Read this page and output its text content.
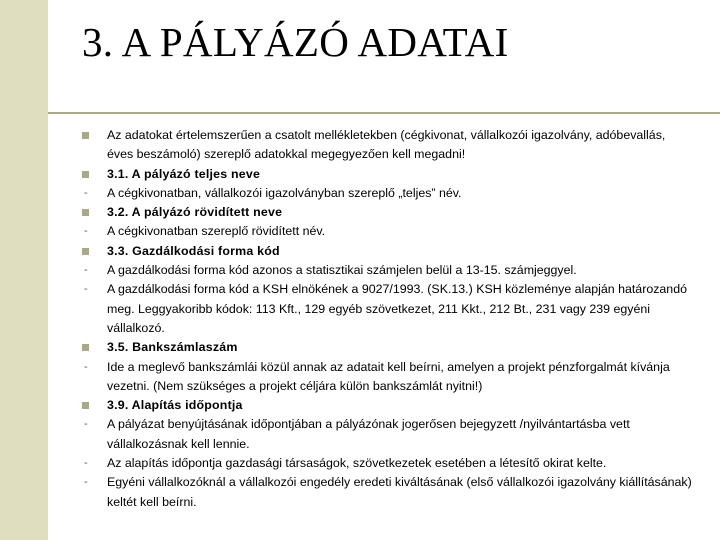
3. A PÁLYÁZÓ ADATAI
Az adatokat értelemszerűen a csatolt mellékletekben (cégkivonat, vállalkozói igazolvány, adóbevallás, éves beszámoló) szereplő adatokkal megegyezően kell megadni!
3.1. A pályázó teljes neve
-	A cégkivonatban, vállalkozói igazolványban szereplő „teljes” név.
3.2. A pályázó rövidített neve
-	A cégkivonatban szereplő rövidített név.
3.3. Gazdálkodási forma kód
-	A gazdálkodási forma kód azonos a statisztikai számjelen belül a 13-15. számjeggyel.
-	A gazdálkodási forma kód a KSH elnökének a 9027/1993. (SK.13.) KSH közleménye alapján határozandó meg. Leggyakoribb kódok: 113 Kft., 129 egyéb szövetkezet, 211 Kkt., 212 Bt., 231 vagy 239 egyéni vállalkozó.
3.5. Bankszámlaszám
-	Ide a meglevő bankszámlái közül annak az adatait kell beírni, amelyen a projekt pénzforgalmát kívánja vezetni. (Nem szükséges a projekt céljára külön bankszámlát nyitni!)
3.9. Alapítás időpontja
-	A pályázat benyújtásának időpontjában a pályázónak jogerősen bejegyzett /nyilvántartásba vett vállalkozásnak kell lennie.
-	Az alapítás időpontja gazdasági társaságok, szövetkezetek esetében a létesítő okirat kelte.
-	Egyéni vállalkozóknál a vállalkozói engedély eredeti kiváltásának (első vállalkozói igazolvány kiállításának) keltét kell beírni.
